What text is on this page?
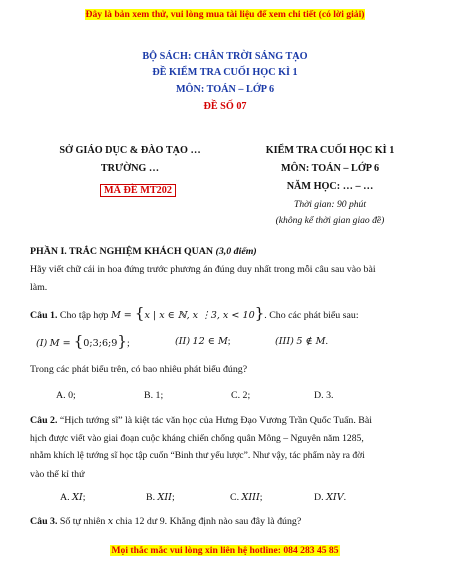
Đây là bản xem thử, vui lòng mua tài liệu để xem chi tiết (có lời giải)
BỘ SÁCH: CHÂN TRỜI SÁNG TẠO
ĐỀ KIỂM TRA CUỐI HỌC KÌ 1
MÔN: TOÁN – LỚP 6
ĐỀ SỐ 07
SỞ GIÁO DỤC & ĐÀO TẠO …
TRƯỜNG …
MÃ ĐỀ MT202
KIỂM TRA CUỐI HỌC KÌ 1
MÔN: TOÁN – LỚP 6
NĂM HỌC: … – …
Thời gian: 90 phút
(không kể thời gian giao đề)
PHẦN I. TRẮC NGHIỆM KHÁCH QUAN (3,0 điểm)
Hãy viết chữ cái in hoa đứng trước phương án đúng duy nhất trong mỗi câu sau vào bài
làm.
Câu 1. Cho tập hợp M = {x | x ∈ ℕ, x ⋮3, x < 10}. Cho các phát biểu sau:
(I) M = {0;3;6;9};	(II) 12 ∈ M;	(III) 5 ∉ M.
Trong các phát biểu trên, có bao nhiêu phát biểu đúng?
A. 0;	B. 1;	C. 2;	D. 3.
Câu 2. “Hịch tướng sĩ” là kiệt tác văn học của Hưng Đạo Vương Trần Quốc Tuấn. Bài
hịch được viết vào giai đoạn cuộc kháng chiến chống quân Mông – Nguyên năm 1285,
nhằm khích lệ tướng sĩ học tập cuốn “Binh thư yếu lược”. Như vậy, tác phẩm này ra đời
vào thế kỉ thứ
A. XI;	B. XII;	C. XIII;	D. XIV.
Câu 3. Số tự nhiên x chia 12 dư 9. Khẳng định nào sau đây là đúng?
Mọi thắc mắc vui lòng xin liên hệ hotline: 084 283 45 85
